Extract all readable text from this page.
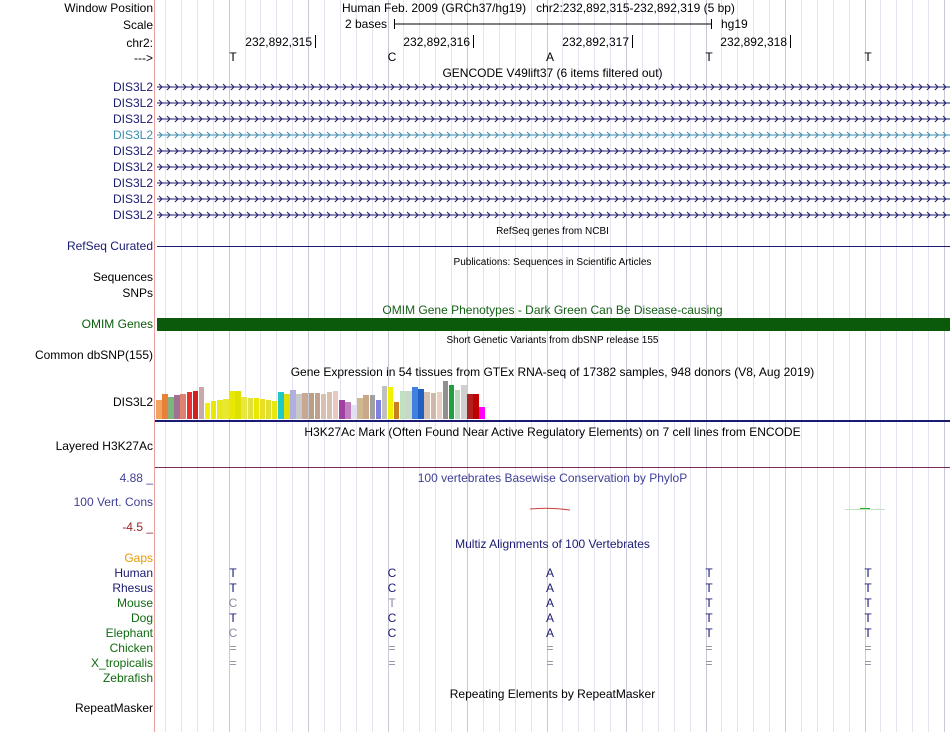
Window Position	Human Feb. 2009 (GRCh37/hg19)   chr2:232,892,315-232,892,319 (5 bp)
Scale	2 bases	hg19
chr2:	232,892,315	232,892,316	232,892,317	232,892,318
--->	T	C	A	T	T
GENCODE V49lift37 (6 items filtered out)
DIS3L2
DIS3L2
DIS3L2
DIS3L2
DIS3L2
DIS3L2
DIS3L2
DIS3L2
DIS3L2
RefSeq genes from NCBI
RefSeq Curated
Publications: Sequences in Scientific Articles
Sequences
SNPs
OMIM Gene Phenotypes - Dark Green Can Be Disease-causing
OMIM Genes
Short Genetic Variants from dbSNP release 155
Common dbSNP(155)
Gene Expression in 54 tissues from GTEx RNA-seq of 17382 samples, 948 donors (V8, Aug 2019)
DIS3L2
H3K27Ac Mark (Often Found Near Active Regulatory Elements) on 7 cell lines from ENCODE
Layered H3K27Ac
100 vertebrates Basewise Conservation by PhyloP
4.88 _
100 Vert. Cons
-4.5 _
Multiz Alignments of 100 Vertebrates
Gaps
Human	T	C	A	T	T
Rhesus	T	C	A	T	T
Mouse	C	T	A	T	T
Dog	T	C	A	T	T
Elephant	C	C	A	T	T
Chicken	=	=	=	=	=
X_tropicalis	=	=	=	=	=
Zebrafish
Repeating Elements by RepeatMasker
RepeatMasker
